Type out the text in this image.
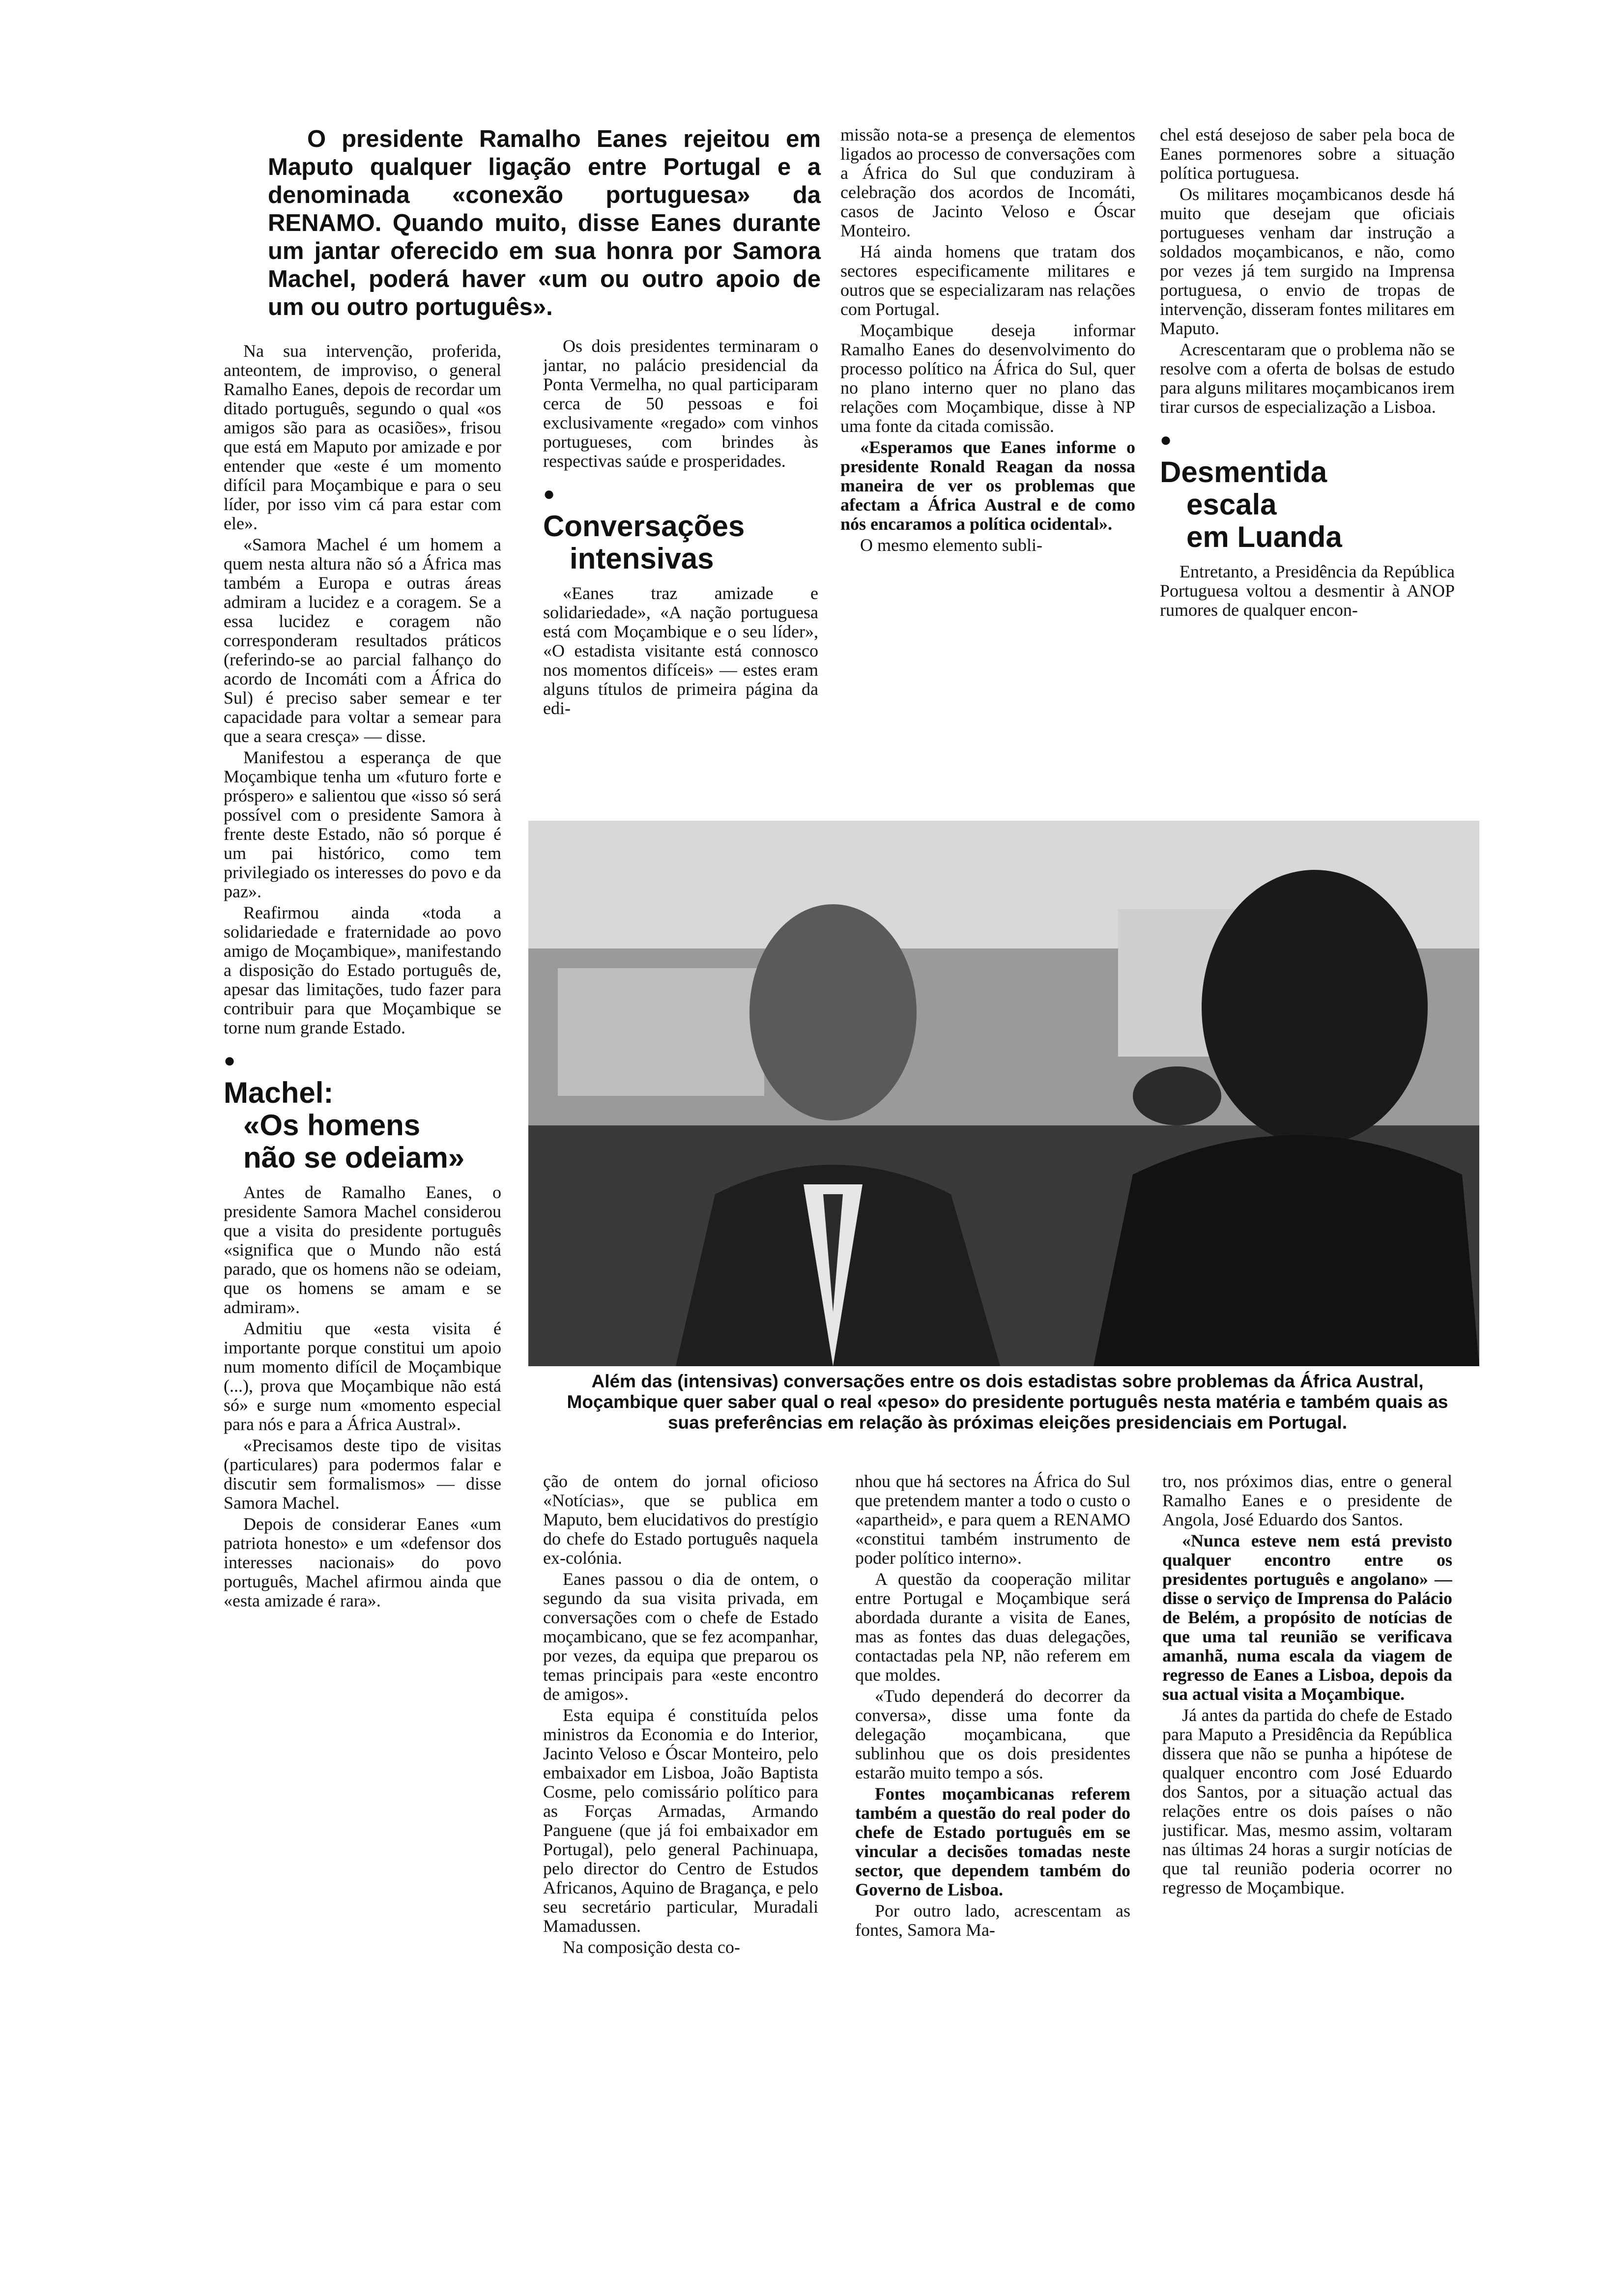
O presidente Ramalho Eanes rejeitou em Maputo qualquer ligação entre Portugal e a denominada «conexão portuguesa» da RENAMO. Quando muito, disse Eanes durante um jantar oferecido em sua honra por Samora Machel, poderá haver «um ou outro apoio de um ou outro português».

Na sua intervenção, proferida, anteontem, de improviso, o general Ramalho Eanes, depois de recordar um ditado português, segundo o qual «os amigos são para as ocasiões», frisou que está em Maputo por amizade e por entender que «este é um momento difícil para Moçambique e para o seu líder, por isso vim cá para estar com ele».

«Samora Machel é um homem a quem nesta altura não só a África mas também a Europa e outras áreas admiram a lucidez e a coragem. Se a essa lucidez e coragem não corresponderam resultados práticos (referindo-se ao parcial falhanço do acordo de Incomáti com a África do Sul) é preciso saber semear e ter capacidade para voltar a semear para que a seara cresça» — disse.

Manifestou a esperança de que Moçambique tenha um «futuro forte e próspero» e salientou que «isso só será possível com o presidente Samora à frente deste Estado, não só porque é um pai histórico, como tem privilegiado os interesses do povo e da paz».

Reafirmou ainda «toda a solidariedade e fraternidade ao povo amigo de Moçambique», manifestando a disposição do Estado português de, apesar das limitações, tudo fazer para contribuir para que Moçambique se torne num grande Estado.

●
Machel:
«Os homens
não se odeiam»

Antes de Ramalho Eanes, o presidente Samora Machel considerou que a visita do presidente português «significa que o Mundo não está parado, que os homens não se odeiam, que os homens se amam e se admiram».

Admitiu que «esta visita é importante porque constitui um apoio num momento difícil de Moçambique (...), prova que Moçambique não está só» e surge num «momento especial para nós e para a África Austral».

«Precisamos deste tipo de visitas (particulares) para podermos falar e discutir sem formalismos» — disse Samora Machel.

Depois de considerar Eanes «um patriota honesto» e um «defensor dos interesses nacionais» do povo português, Machel afirmou ainda que «esta amizade é rara».

Os dois presidentes terminaram o jantar, no palácio presidencial da Ponta Vermelha, no qual participaram cerca de 50 pessoas e foi exclusivamente «regado» com vinhos portugueses, com brindes às respectivas saúde e prosperidades.

●
Conversações
intensivas

«Eanes traz amizade e solidariedade», «A nação portuguesa está com Moçambique e o seu líder», «O estadista visitante está connosco nos momentos difíceis» — estes eram alguns títulos de primeira página da edi-

missão nota-se a presença de elementos ligados ao processo de conversações com a África do Sul que conduziram à celebração dos acordos de Incomáti, casos de Jacinto Veloso e Óscar Monteiro.

Há ainda homens que tratam dos sectores especificamente militares e outros que se especializaram nas relações com Portugal.

Moçambique deseja informar Ramalho Eanes do desenvolvimento do processo político na África do Sul, quer no plano interno quer no plano das relações com Moçambique, disse à NP uma fonte da citada comissão.

«Esperamos que Eanes informe o presidente Ronald Reagan da nossa maneira de ver os problemas que afectam a África Austral e de como nós encaramos a política ocidental».

O mesmo elemento subli-

chel está desejoso de saber pela boca de Eanes pormenores sobre a situação política portuguesa.

Os militares moçambicanos desde há muito que desejam que oficiais portugueses venham dar instrução a soldados moçambicanos, e não, como por vezes já tem surgido na Imprensa portuguesa, o envio de tropas de intervenção, disseram fontes militares em Maputo.

Acrescentaram que o problema não se resolve com a oferta de bolsas de estudo para alguns militares moçambicanos irem tirar cursos de especialização a Lisboa.

●
Desmentida
escala
em Luanda

Entretanto, a Presidência da República Portuguesa voltou a desmentir à ANOP rumores de qualquer encon-

Além das (intensivas) conversações entre os dois estadistas sobre problemas da África Austral, Moçambique quer saber qual o real «peso» do presidente português nesta matéria e também quais as suas preferências em relação às próximas eleições presidenciais em Portugal.

ção de ontem do jornal oficioso «Notícias», que se publica em Maputo, bem elucidativos do prestígio do chefe do Estado português naquela ex-colónia.

Eanes passou o dia de ontem, o segundo da sua visita privada, em conversações com o chefe de Estado moçambicano, que se fez acompanhar, por vezes, da equipa que preparou os temas principais para «este encontro de amigos».

Esta equipa é constituída pelos ministros da Economia e do Interior, Jacinto Veloso e Óscar Monteiro, pelo embaixador em Lisboa, João Baptista Cosme, pelo comissário político para as Forças Armadas, Armando Panguene (que já foi embaixador em Portugal), pelo general Pachinuapa, pelo director do Centro de Estudos Africanos, Aquino de Bragança, e pelo seu secretário particular, Muradali Mamadussen.

Na composição desta co-

nhou que há sectores na África do Sul que pretendem manter a todo o custo o «apartheid», e para quem a RENAMO «constitui também instrumento de poder político interno».

A questão da cooperação militar entre Portugal e Moçambique será abordada durante a visita de Eanes, mas as fontes das duas delegações, contactadas pela NP, não referem em que moldes.

«Tudo dependerá do decorrer da conversa», disse uma fonte da delegação moçambicana, que sublinhou que os dois presidentes estarão muito tempo a sós.

Fontes moçambicanas referem também a questão do real poder do chefe de Estado português em se vincular a decisões tomadas neste sector, que dependem também do Governo de Lisboa.

Por outro lado, acrescentam as fontes, Samora Ma-

tro, nos próximos dias, entre o general Ramalho Eanes e o presidente de Angola, José Eduardo dos Santos.

«Nunca esteve nem está previsto qualquer encontro entre os presidentes português e angolano» — disse o serviço de Imprensa do Palácio de Belém, a propósito de notícias de que uma tal reunião se verificava amanhã, numa escala da viagem de regresso de Eanes a Lisboa, depois da sua actual visita a Moçambique.

Já antes da partida do chefe de Estado para Maputo a Presidência da República dissera que não se punha a hipótese de qualquer encontro com José Eduardo dos Santos, por a situação actual das relações entre os dois países o não justificar. Mas, mesmo assim, voltaram nas últimas 24 horas a surgir notícias de que tal reunião poderia ocorrer no regresso de Moçambique.
